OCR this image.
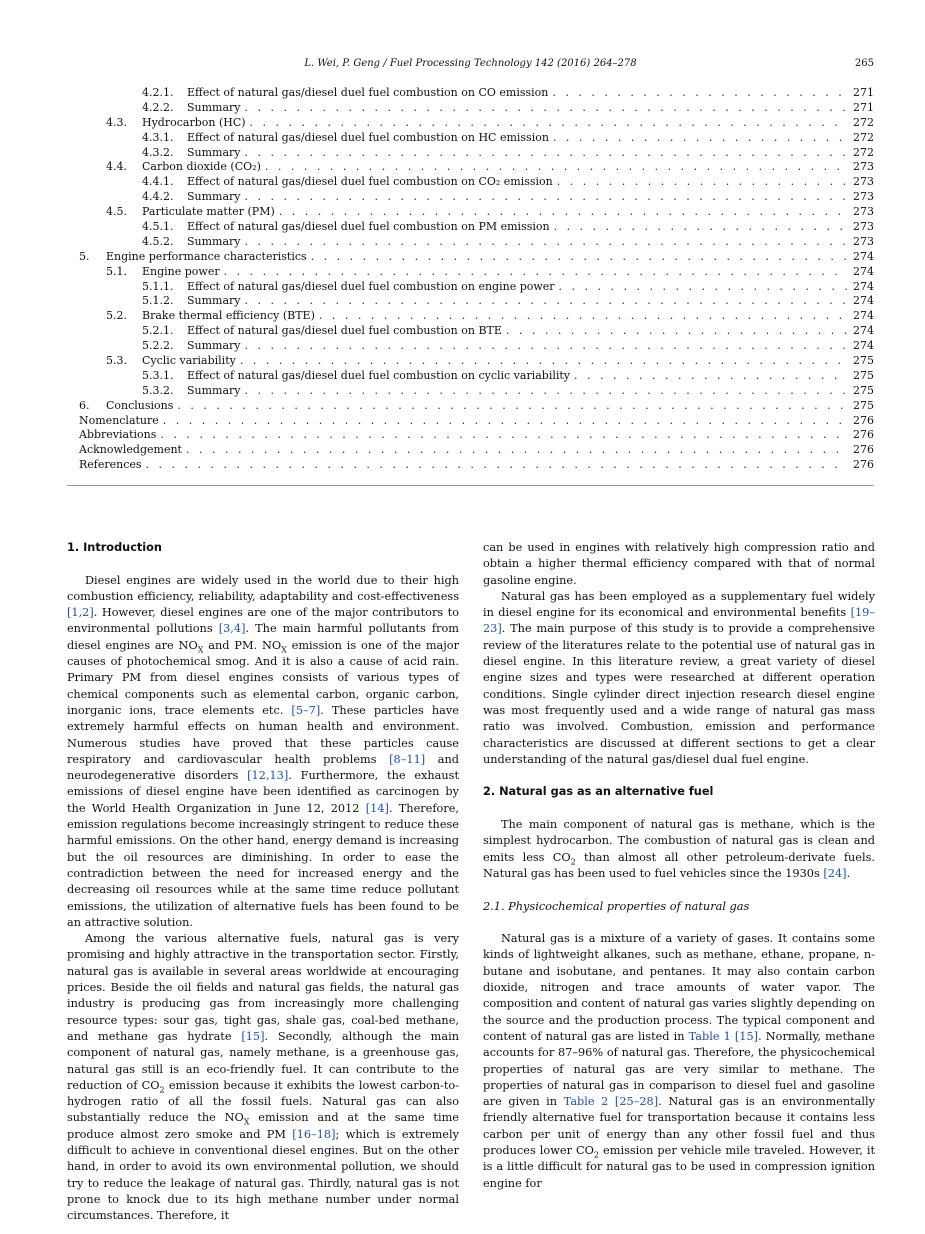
L. Wei, P. Geng / Fuel Processing Technology 142 (2016) 264–278	265
4.2.1.	Effect of natural gas/diesel duel fuel combustion on CO emission . . .	271
4.2.2.	Summary . . .	271
4.3.	Hydrocarbon (HC) . . .	272
4.3.1.	Effect of natural gas/diesel duel fuel combustion on HC emission . . .	272
4.3.2.	Summary . . .	272
4.4.	Carbon dioxide (CO₂) . . .	273
4.4.1.	Effect of natural gas/diesel duel fuel combustion on CO₂ emission . . .	273
4.4.2.	Summary . . .	273
4.5.	Particulate matter (PM) . . .	273
4.5.1.	Effect of natural gas/diesel duel fuel combustion on PM emission . . .	273
4.5.2.	Summary . . .	273
5.	Engine performance characteristics . . .	274
5.1.	Engine power . . .	274
5.1.1.	Effect of natural gas/diesel duel fuel combustion on engine power . . .	274
5.1.2.	Summary . . .	274
5.2.	Brake thermal efficiency (BTE) . . .	274
5.2.1.	Effect of natural gas/diesel duel fuel combustion on BTE . . .	274
5.2.2.	Summary . . .	274
5.3.	Cyclic variability . . .	275
5.3.1.	Effect of natural gas/diesel duel fuel combustion on cyclic variability . . .	275
5.3.2.	Summary . . .	275
6.	Conclusions . . .	275
Nomenclature . . .	276
Abbreviations . . .	276
Acknowledgement . . .	276
References . . .	276
1. Introduction

Diesel engines are widely used in the world due to their high combustion efficiency, reliability, adaptability and cost-effectiveness [1,2]. However, diesel engines are one of the major contributors to environmental pollutions [3,4]. The main harmful pollutants from diesel engines are $NO_X$ and PM. $NO_X$ emission is one of the major causes of photochemical smog. And it is also a cause of acid rain. Primary PM from diesel engines consists of various types of chemical components such as elemental carbon, organic carbon, inorganic ions, trace elements etc. [5–7]. These particles have extremely harmful effects on human health and environment. Numerous studies have proved that these particles cause respiratory and cardiovascular health problems [8–11] and neurodegenerative disorders [12,13]. Furthermore, the exhaust emissions of diesel engine have been identified as carcinogen by the World Health Organization in June 12, 2012 [14]. Therefore, emission regulations become increasingly stringent to reduce these harmful emissions. On the other hand, energy demand is increasing but the oil resources are diminishing. In order to ease the contradiction between the need for increased energy and the decreasing oil resources while at the same time reduce pollutant emissions, the utilization of alternative fuels has been found to be an attractive solution.

Among the various alternative fuels, natural gas is very promising and highly attractive in the transportation sector. Firstly, natural gas is available in several areas worldwide at encouraging prices. Beside the oil fields and natural gas fields, the natural gas industry is producing gas from increasingly more challenging resource types: sour gas, tight gas, shale gas, coal-bed methane, and methane gas hydrate [15]. Secondly, although the main component of natural gas, namely methane, is a greenhouse gas, natural gas still is an eco-friendly fuel. It can contribute to the reduction of $CO_2$ emission because it exhibits the lowest carbon-to-hydrogen ratio of all the fossil fuels. Natural gas can also substantially reduce the $NO_X$ emission and at the same time produce almost zero smoke and PM [16–18]; which is extremely difficult to achieve in conventional diesel engines. But on the other hand, in order to avoid its own environmental pollution, we should try to reduce the leakage of natural gas. Thirdly, natural gas is not prone to knock due to its high methane number under normal circumstances. Therefore, it

can be used in engines with relatively high compression ratio and obtain a higher thermal efficiency compared with that of normal gasoline engine.

Natural gas has been employed as a supplementary fuel widely in diesel engine for its economical and environmental benefits [19–23]. The main purpose of this study is to provide a comprehensive review of the literatures relate to the potential use of natural gas in diesel engine. In this literature review, a great variety of diesel engine sizes and types were researched at different operation conditions. Single cylinder direct injection research diesel engine was most frequently used and a wide range of natural gas mass ratio was involved. Combustion, emission and performance characteristics are discussed at different sections to get a clear understanding of the natural gas/diesel dual fuel engine.

2. Natural gas as an alternative fuel

The main component of natural gas is methane, which is the simplest hydrocarbon. The combustion of natural gas is clean and emits less $CO_2$ than almost all other petroleum-derivate fuels. Natural gas has been used to fuel vehicles since the 1930s [24].

2.1. Physicochemical properties of natural gas

Natural gas is a mixture of a variety of gases. It contains some kinds of lightweight alkanes, such as methane, ethane, propane, n-butane and isobutane, and pentanes. It may also contain carbon dioxide, nitrogen and trace amounts of water vapor. The composition and content of natural gas varies slightly depending on the source and the production process. The typical component and content of natural gas are listed in Table 1 [15]. Normally, methane accounts for 87–96% of natural gas. Therefore, the physicochemical properties of natural gas are very similar to methane. The properties of natural gas in comparison to diesel fuel and gasoline are given in Table 2 [25–28]. Natural gas is an environmentally friendly alternative fuel for transportation because it contains less carbon per unit of energy than any other fossil fuel and thus produces lower $CO_2$ emission per vehicle mile traveled. However, it is a little difficult for natural gas to be used in compression ignition engine for
